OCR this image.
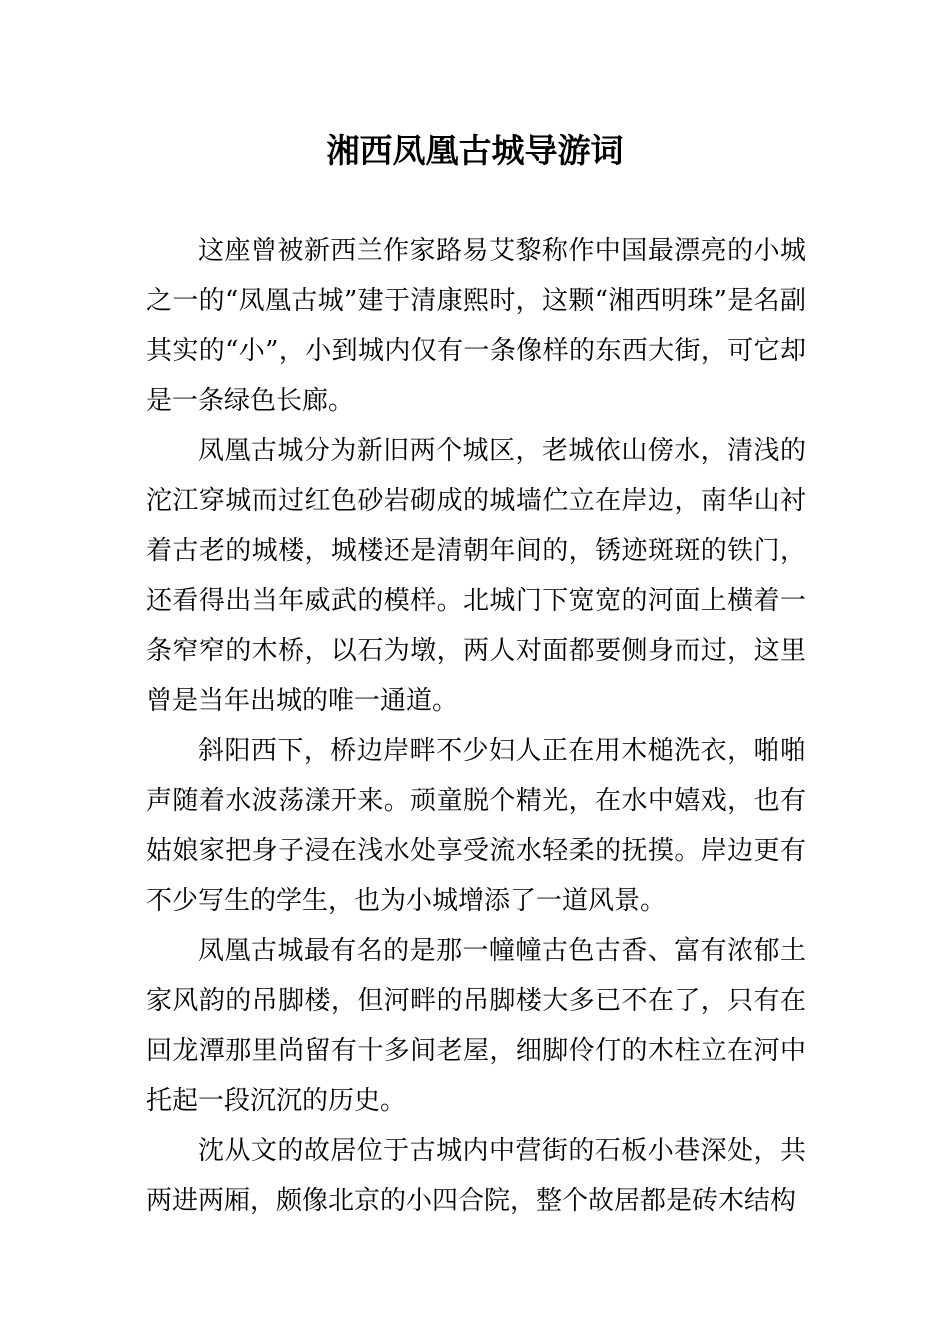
湘西凤凰古城导游词

这座曾被新西兰作家路易艾黎称作中国最漂亮的小城之一的“凤凰古城”建于清康熙时，这颗“湘西明珠”是名副其实的“小”，小到城内仅有一条像样的东西大街，可它却是一条绿色长廊。

凤凰古城分为新旧两个城区，老城依山傍水，清浅的沱江穿城而过红色砂岩砌成的城墙伫立在岸边，南华山衬着古老的城楼，城楼还是清朝年间的，锈迹斑斑的铁门，还看得出当年威武的模样。北城门下宽宽的河面上横着一条窄窄的木桥，以石为墩，两人对面都要侧身而过，这里曾是当年出城的唯一通道。

斜阳西下，桥边岸畔不少妇人正在用木槌洗衣，啪啪声随着水波荡漾开来。顽童脱个精光，在水中嬉戏，也有姑娘家把身子浸在浅水处享受流水轻柔的抚摸。岸边更有不少写生的学生，也为小城增添了一道风景。

凤凰古城最有名的是那一幢幢古色古香、富有浓郁土家风韵的吊脚楼，但河畔的吊脚楼大多已不在了，只有在回龙潭那里尚留有十多间老屋，细脚伶仃的木柱立在河中托起一段沉沉的历史。

沈从文的故居位于古城内中营街的石板小巷深处，共两进两厢，颇像北京的小四合院，整个故居都是砖木结构
